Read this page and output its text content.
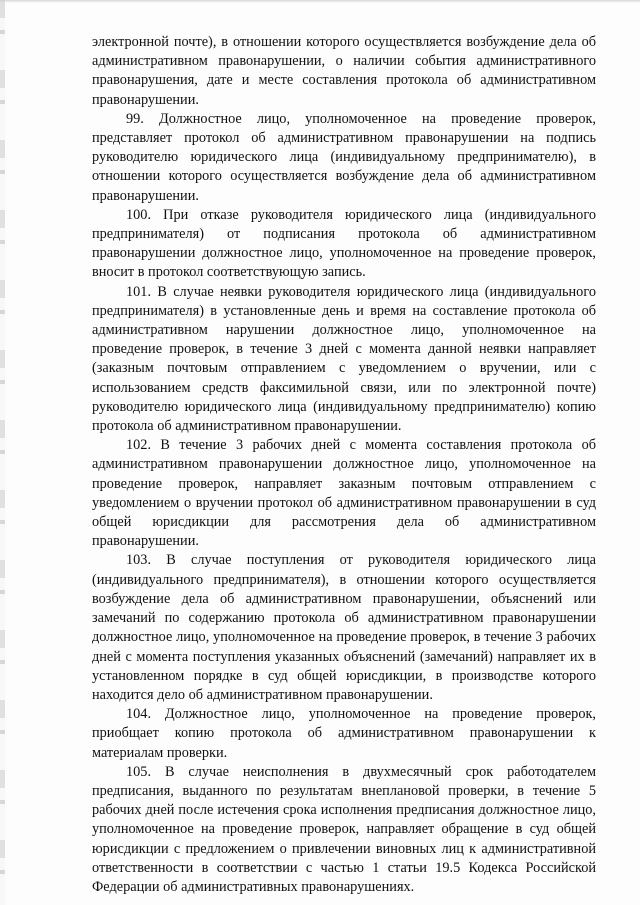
электронной почте), в отношении которого осуществляется возбуждение дела об административном правонарушении, о наличии события административного правонарушения, дате и месте составления протокола об административном правонарушении.

99. Должностное лицо, уполномоченное на проведение проверок, представляет протокол об административном правонарушении на подпись руководителю юридического лица (индивидуальному предпринимателю), в отношении которого осуществляется возбуждение дела об административном правонарушении.

100. При отказе руководителя юридического лица (индивидуального предпринимателя) от подписания протокола об административном правонарушении должностное лицо, уполномоченное на проведение проверок, вносит в протокол соответствующую запись.

101. В случае неявки руководителя юридического лица (индивидуального предпринимателя) в установленные день и время на составление протокола об административном нарушении должностное лицо, уполномоченное на проведение проверок, в течение 3 дней с момента данной неявки направляет (заказным почтовым отправлением с уведомлением о вручении, или с использованием средств факсимильной связи, или по электронной почте) руководителю юридического лица (индивидуальному предпринимателю) копию протокола об административном правонарушении.

102. В течение 3 рабочих дней с момента составления протокола об административном правонарушении должностное лицо, уполномоченное на проведение проверок, направляет заказным почтовым отправлением с уведомлением о вручении протокол об административном правонарушении в суд общей юрисдикции для рассмотрения дела об административном правонарушении.

103. В случае поступления от руководителя юридического лица (индивидуального предпринимателя), в отношении которого осуществляется возбуждение дела об административном правонарушении, объяснений или замечаний по содержанию протокола об административном правонарушении должностное лицо, уполномоченное на проведение проверок, в течение 3 рабочих дней с момента поступления указанных объяснений (замечаний) направляет их в установленном порядке в суд общей юрисдикции, в производстве которого находится дело об административном правонарушении.

104. Должностное лицо, уполномоченное на проведение проверок, приобщает копию протокола об административном правонарушении к материалам проверки.

105. В случае неисполнения в двухмесячный срок работодателем предписания, выданного по результатам внеплановой проверки, в течение 5 рабочих дней после истечения срока исполнения предписания должностное лицо, уполномоченное на проведение проверок, направляет обращение в суд общей юрисдикции с предложением о привлечении виновных лиц к административной ответственности в соответствии с частью 1 статьи 19.5 Кодекса Российской Федерации об административных правонарушениях.
